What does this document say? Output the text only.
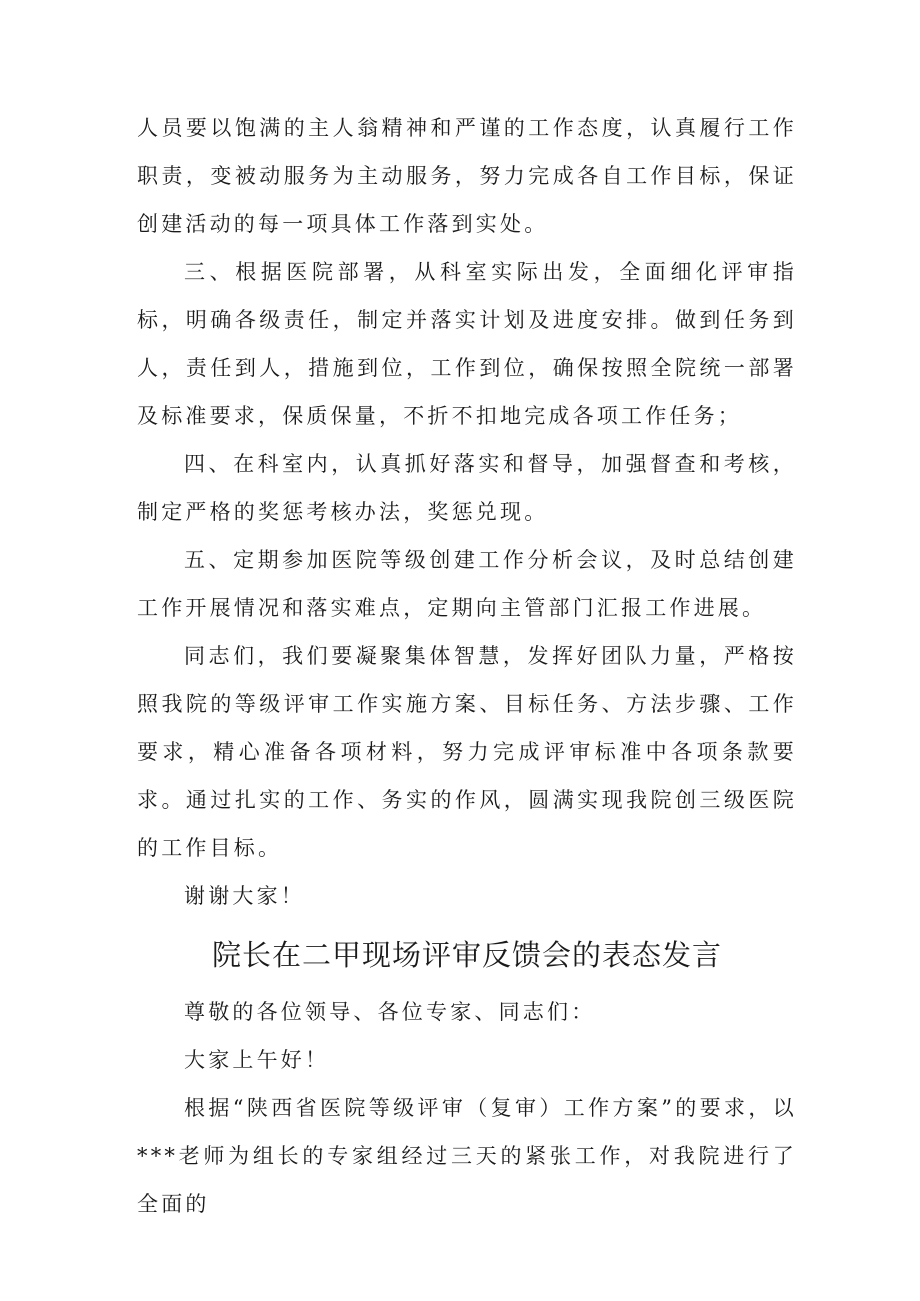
人员要以饱满的主人翁精神和严谨的工作态度，认真履行工作职责，变被动服务为主动服务，努力完成各自工作目标，保证创建活动的每一项具体工作落到实处。

三、根据医院部署，从科室实际出发，全面细化评审指标，明确各级责任，制定并落实计划及进度安排。做到任务到人，责任到人，措施到位，工作到位，确保按照全院统一部署及标准要求，保质保量，不折不扣地完成各项工作任务；

四、在科室内，认真抓好落实和督导，加强督查和考核，制定严格的奖惩考核办法，奖惩兑现。

五、定期参加医院等级创建工作分析会议，及时总结创建工作开展情况和落实难点，定期向主管部门汇报工作进展。

同志们，我们要凝聚集体智慧，发挥好团队力量，严格按照我院的等级评审工作实施方案、目标任务、方法步骤、工作要求，精心准备各项材料，努力完成评审标准中各项条款要求。通过扎实的工作、务实的作风，圆满实现我院创三级医院的工作目标。

谢谢大家！

院长在二甲现场评审反馈会的表态发言

尊敬的各位领导、各位专家、同志们：

大家上午好！

根据“陕西省医院等级评审（复审）工作方案”的要求，以***老师为组长的专家组经过三天的紧张工作，对我院进行了全面的
